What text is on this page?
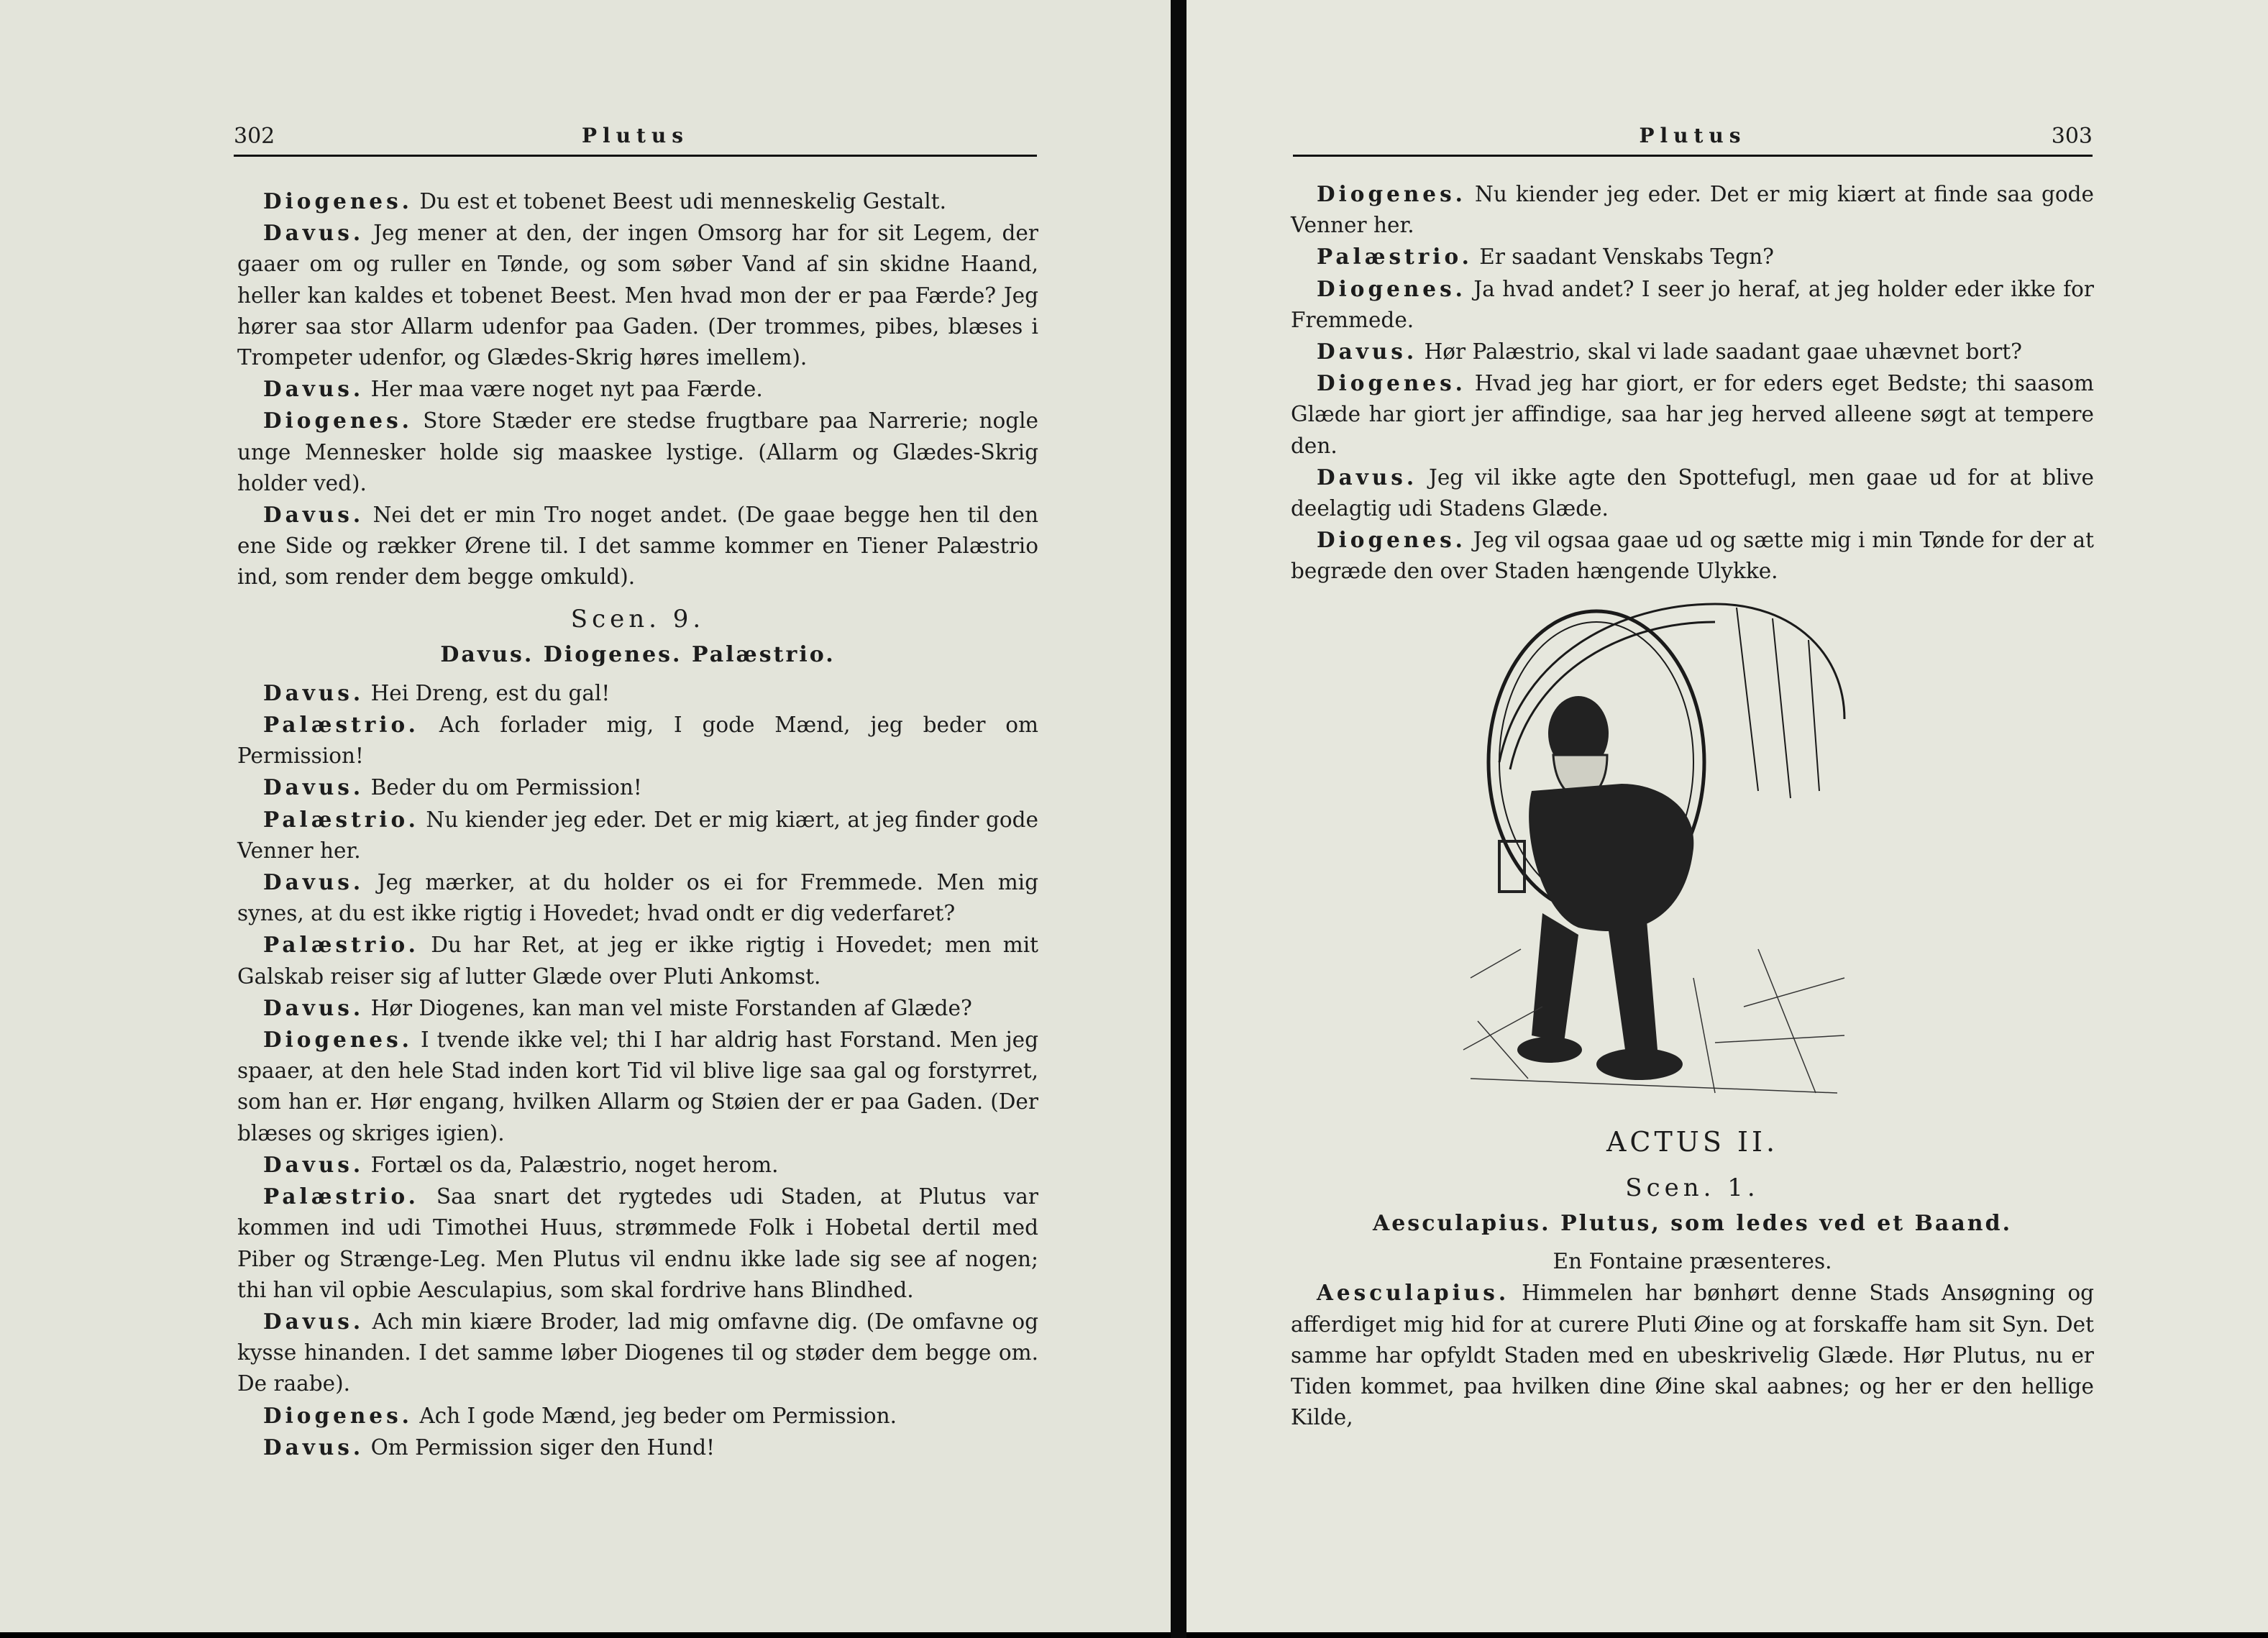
302	Plutus

Diogenes. Du est et tobenet Beest udi menneskelig Gestalt.

Davus. Jeg mener at den, der ingen Omsorg har for sit Legem, der gaaer om og ruller en Tønde, og som søber Vand af sin skidne Haand, heller kan kaldes et tobenet Beest. Men hvad mon der er paa Færde? Jeg hører saa stor Allarm udenfor paa Gaden. (Der trommes, pibes, blæses i Trompeter udenfor, og Glædes-Skrig høres imellem).

Davus. Her maa være noget nyt paa Færde.

Diogenes. Store Stæder ere stedse frugtbare paa Narrerie; nogle unge Mennesker holde sig maaskee lystige. (Allarm og Glædes-Skrig holder ved).

Davus. Nei det er min Tro noget andet. (De gaae begge hen til den ene Side og rækker Ørene til. I det samme kommer en Tiener Palæstrio ind, som render dem begge omkuld).

Scen. 9.
Davus. Diogenes. Palæstrio.

Davus. Hei Dreng, est du gal!

Palæstrio. Ach forlader mig, I gode Mænd, jeg beder om Permission!

Davus. Beder du om Permission!

Palæstrio. Nu kiender jeg eder. Det er mig kiært, at jeg finder gode Venner her.

Davus. Jeg mærker, at du holder os ei for Fremmede. Men mig synes, at du est ikke rigtig i Hovedet; hvad ondt er dig vederfaret?

Palæstrio. Du har Ret, at jeg er ikke rigtig i Hovedet; men mit Galskab reiser sig af lutter Glæde over Pluti Ankomst.

Davus. Hør Diogenes, kan man vel miste Forstanden af Glæde?

Diogenes. I tvende ikke vel; thi I har aldrig hast Forstand. Men jeg spaaer, at den hele Stad inden kort Tid vil blive lige saa gal og forstyrret, som han er. Hør engang, hvilken Allarm og Støien der er paa Gaden. (Der blæses og skriges igien).

Davus. Fortæl os da, Palæstrio, noget herom.

Palæstrio. Saa snart det rygtedes udi Staden, at Plutus var kommen ind udi Timothei Huus, strømmede Folk i Hobetal dertil med Piber og Strænge-Leg. Men Plutus vil endnu ikke lade sig see af nogen; thi han vil opbie Aesculapius, som skal fordrive hans Blindhed.

Davus. Ach min kiære Broder, lad mig omfavne dig. (De omfavne og kysse hinanden. I det samme løber Diogenes til og støder dem begge om. De raabe).

Diogenes. Ach I gode Mænd, jeg beder om Permission.

Davus. Om Permission siger den Hund!

Plutus	303

Diogenes. Nu kiender jeg eder. Det er mig kiært at finde saa gode Venner her.

Palæstrio. Er saadant Venskabs Tegn?

Diogenes. Ja hvad andet? I seer jo heraf, at jeg holder eder ikke for Fremmede.

Davus. Hør Palæstrio, skal vi lade saadant gaae uhævnet bort?

Diogenes. Hvad jeg har giort, er for eders eget Bedste; thi saasom Glæde har giort jer affindige, saa har jeg herved alleene søgt at tempere den.

Davus. Jeg vil ikke agte den Spottefugl, men gaae ud for at blive deelagtig udi Stadens Glæde.

Diogenes. Jeg vil ogsaa gaae ud og sætte mig i min Tønde for der at begræde den over Staden hængende Ulykke.

ACTUS II.
Scen. 1.
Aesculapius. Plutus, som ledes ved et Baand.
En Fontaine præsenteres.

Aesculapius. Himmelen har bønhørt denne Stads Ansøgning og afferdiget mig hid for at curere Pluti Øine og at forskaffe ham sit Syn. Det samme har opfyldt Staden med en ubeskrivelig Glæde. Hør Plutus, nu er Tiden kommet, paa hvilken dine Øine skal aabnes; og her er den hellige Kilde,
